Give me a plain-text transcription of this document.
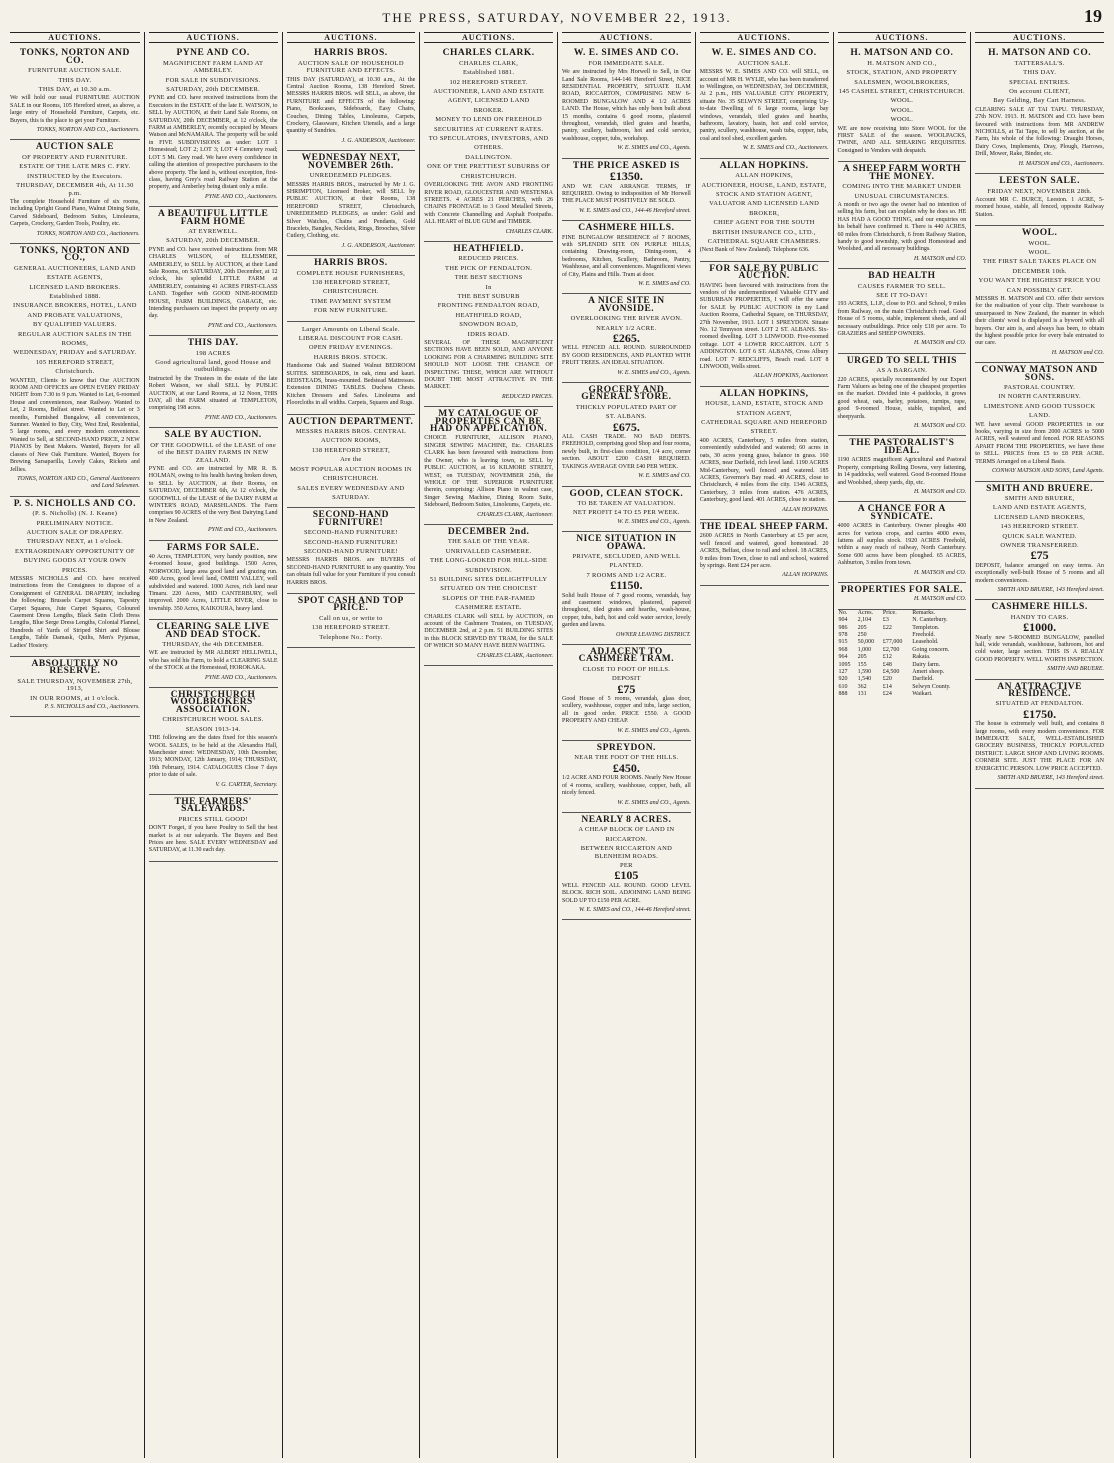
THE PRESS, SATURDAY, NOVEMBER 22, 1913.	19
AUCTIONS.
TONKS, NORTON AND CO.
FURNITURE AUCTION SALE.
THIS DAY.
THIS DAY, at 10.30 a.m.
We will hold our usual FURNITURE AUCTION SALE in our Rooms, 105 Hereford street, as above, a large entry of Household Furniture, Carpets, etc. Buyers, this is the place to get your Furniture.
TONKS, NORTON AND CO., Auctioneers.
AUCTION SALE
OF PROPERTY AND FURNITURE.
ESTATE OF THE LATE MRS C. FRY.
INSTRUCTED by the Executors.
THURSDAY, DECEMBER 4th, At 11.30 p.m.
The complete Household Furniture of six rooms, including Upright Grand Piano, Walnut Dining Suite, Carved Sideboard, Bedroom Suites, Linoleums, Carpets, Crockery, Garden Tools, Poultry, etc.
TONKS, NORTON AND CO., Auctioneers.
TONKS, NORTON AND CO.,
GENERAL AUCTIONEERS, LAND AND
ESTATE AGENTS,
LICENSED LAND BROKERS.
Established 1888.
INSURANCE BROKERS, HOTEL, LAND
AND PROBATE VALUATIONS,
BY QUALIFIED VALUERS.
REGULAR AUCTION SALES IN THE
ROOMS,
WEDNESDAY, FRIDAY and SATURDAY.
105 HEREFORD STREET,
Christchurch.
WANTED, Clients to know that Our AUCTION ROOM AND OFFICES are OPEN EVERY FRIDAY NIGHT from 7.30 to 9 p.m. Wanted to Let, 6-roomed House and conveniences, near Railway. Wanted to Let, 2 Rooms, Belfast street. Wanted to Let or 3 months, Furnished Bungalow, all conveniences, Sumner. Wanted to Buy, City, West End, Residential, 5 large rooms, and every modern convenience. Wanted to Sell, at SECOND-HAND PRICE, 2 NEW PIANOS by Best Makers. Wanted, Buyers for all classes of New Oak Furniture. Wanted, Buyers for Brewing Sarsaparilla, Lovely Cakes, Rickets and Jellies.
TONKS, NORTON AND CO., General Auctioneers and Land Salesmen.
P. S. NICHOLLS AND CO.
(P. S. Nicholls) (N. J. Keane)
PRELIMINARY NOTICE.
AUCTION SALE OF DRAPERY.
THURSDAY NEXT, at 1 o'clock.
EXTRAORDINARY OPPORTUNITY OF
BUYING GOODS AT YOUR OWN
PRICES.
MESSRS NICHOLLS and CO. have received instructions from the Consignees to dispose of a Consignment of GENERAL DRAPERY, including the following: Brussels Carpet Squares, Tapestry Carpet Squares, Jute Carpet Squares, Coloured Casement Dress Lengths, Black Satin Cloth Dress Lengths, Blue Serge Dress Lengths, Colonial Flannel, Hundreds of Yards of Striped Shirt and Blouse Lengths, Table Damask, Quilts, Men's Pyjamas, Ladies' Hosiery.
ABSOLUTELY NO RESERVE.
SALE THURSDAY, NOVEMBER 27th, 1913,
IN OUR ROOMS, at 1 o'clock.
P. S. NICHOLLS and CO., Auctioneers.
AUCTIONS.
PYNE AND CO.
MAGNIFICENT FARM LAND AT AMBERLEY.
FOR SALE IN SUBDIVISIONS.
SATURDAY, 20th DECEMBER.
PYNE and CO. have received instructions from the Executors in the ESTATE of the late E. WATSON, to SELL by AUCTION, at their Land Sale Rooms, on SATURDAY, 20th DECEMBER, at 12 o'clock, the FARM at AMBERLEY, recently occupied by Messrs Watson and McNAMARA. The property will be sold in FIVE SUBDIVISIONS as under: LOT 1 Homestead; LOT 2; LOT 3; LOT 4 Cemetery road; LOT 5 Mt. Grey road. We have every confidence in calling the attention of prospective purchasers to the above property. The land is, without exception, first-class, having Grey's road Railway Station at the property, and Amberley being distant only a mile.
PYNE AND CO., Auctioneers.
A BEAUTIFUL LITTLE FARM HOME
AT EYREWELL.
SATURDAY, 20th DECEMBER.
PYNE and CO. have received instructions from MR CHARLES WILSON, of ELLESMERE, AMBERLEY, to SELL by AUCTION, at their Land Sale Rooms, on SATURDAY, 20th December, at 12 o'clock, his splendid LITTLE FARM at AMBERLEY, containing 41 ACRES FIRST-CLASS LAND. Together with GOOD NINE-ROOMED HOUSE, FARM BUILDINGS, GARAGE, etc. Intending purchasers can inspect the property on any day.
PYNE and CO., Auctioneers.
THIS DAY.
198 ACRES
Good agricultural land, good House and outbuildings.
Instructed by the Trustees in the estate of the late Robert Watson, we shall SELL by PUBLIC AUCTION, at our Land Rooms, at 12 Noon, THIS DAY, all that FARM situated at TEMPLETON, comprising 198 acres.
PYNE AND CO., Auctioneers.
SALE BY AUCTION.
OF THE GOODWILL of the LEASE of one of the BEST DAIRY FARMS IN NEW ZEALAND.
PYNE and CO. are instructed by MR R. B. HOLMAN, owing to his health having broken down, to SELL by AUCTION, at their Rooms, on SATURDAY, DECEMBER 6th, At 12 o'clock, the GOODWILL of the LEASE of the DAIRY FARM at WINTER'S ROAD, MARSHLANDS. The Farm comprises 90 ACRES of the very Best Dairying Land in New Zealand.
PYNE and CO., Auctioneers.
FARMS FOR SALE.
40 Acres, TEMPLETON, very handy position, new 4-roomed house, good buildings. 1500 Acres, NORWOOD, large area good land and grazing run. 400 Acres, good level land, OMIHI VALLEY, well subdivided and watered. 1000 Acres, rich land near Timaru. 220 Acres, MID CANTERBURY, well improved. 2000 Acres, LITTLE RIVER, close to township. 350 Acres, KAIKOURA, heavy land.
CLEARING SALE LIVE AND DEAD STOCK.
THURSDAY, the 4th DECEMBER.
WE are instructed by MR ALBERT HELLIWELL, who has sold his Farm, to hold a CLEARING SALE of the STOCK at the Homestead, HOROKAKA.
PYNE AND CO., Auctioneers.
CHRISTCHURCH WOOLBROKERS' ASSOCIATION.
CHRISTCHURCH WOOL SALES.
SEASON 1913-14.
THE following are the dates fixed for this season's WOOL SALES, to be held at the Alexandra Hall, Manchester street: WEDNESDAY, 10th December, 1913; MONDAY, 12th January, 1914; THURSDAY, 19th February, 1914. CATALOGUES Close 7 days prior to date of sale.
V. G. CARTER, Secretary.
THE FARMERS' SALEYARDS.
PRICES STILL GOOD!
DON'T Forget, if you have Poultry to Sell the best market is at our saleyards. The Buyers and Best Prices are here. SALE EVERY WEDNESDAY and SATURDAY, at 11.30 each day.
AUCTIONS.
HARRIS BROS.
AUCTION SALE OF HOUSEHOLD FURNITURE AND EFFECTS.
THIS DAY (SATURDAY), at 10.30 a.m., At the Central Auction Rooms, 138 Hereford Street. MESSRS HARRIS BROS. will SELL, as above, the FURNITURE and EFFECTS of the following: Piano, Bookcases, Sideboards, Easy Chairs, Couches, Dining Tables, Linoleums, Carpets, Crockery, Glassware, Kitchen Utensils, and a large quantity of Sundries.
J. G. ANDERSON, Auctioneer.
WEDNESDAY NEXT, NOVEMBER 26th.
UNREDEEMED PLEDGES.
MESSRS HARRIS BROS., instructed by Mr J. G. SHRIMPTON, Licensed Broker, will SELL by PUBLIC AUCTION, at their Rooms, 138 HEREFORD STREET, Christchurch, UNREDEEMED PLEDGES, as under: Gold and Silver Watches, Chains and Pendants, Gold Bracelets, Bangles, Necklets, Rings, Brooches, Silver Cutlery, Clothing, etc.
J. G. ANDERSON, Auctioneer.
HARRIS BROS.
COMPLETE HOUSE FURNISHERS,
138 HEREFORD STREET,
CHRISTCHURCH.
TIME PAYMENT SYSTEM
FOR NEW FURNITURE.
Larger Amounts on Liberal Scale.
LIBERAL DISCOUNT FOR CASH.
OPEN FRIDAY EVENINGS.
HARRIS BROS. STOCK.
Handsome Oak and Stained Walnut BEDROOM SUITES. SIDEBOARDS, in oak, rimu and kauri. BEDSTEADS, brass-mounted. Bedstead Mattresses. Extension DINING TABLES. Duchess Chests. Kitchen Dressers and Safes. Linoleums and Floorcloths in all widths. Carpets, Squares and Rugs.
AUCTION DEPARTMENT.
MESSRS HARRIS BROS. CENTRAL
AUCTION ROOMS,
138 HEREFORD STREET,
Are the
MOST POPULAR AUCTION ROOMS IN
CHRISTCHURCH.
SALES EVERY WEDNESDAY AND
SATURDAY.
SECOND-HAND FURNITURE!
SECOND-HAND FURNITURE!
SECOND-HAND FURNITURE!
SECOND-HAND FURNITURE!
MESSRS HARRIS BROS. are BUYERS of SECOND-HAND FURNITURE to any quantity. You can obtain full value for your Furniture if you consult HARRIS BROS.
SPOT CASH AND TOP PRICE.
Call on us, or write to
138 HEREFORD STREET.
Telephone No.: Forty.
AUCTIONS.
CHARLES CLARK.
CHARLES CLARK,
Established 1881.
102 HEREFORD STREET.
AUCTIONEER, LAND AND ESTATE
AGENT, LICENSED LAND
BROKER.
MONEY TO LEND ON FREEHOLD
SECURITIES AT CURRENT RATES.
TO SPECULATORS, INVESTORS, AND
OTHERS.
DALLINGTON.
ONE OF THE PRETTIEST SUBURBS OF
CHRISTCHURCH.
OVERLOOKING THE AVON AND FRONTING RIVER ROAD, GLOUCESTER AND WESTENRA STREETS. 4 ACRES 21 PERCHES, with 26 CHAINS FRONTAGE to 3 Good Metalled Streets, with Concrete Channelling and Asphalt Footpaths. ALL HEART of BLUE GUM and TIMBER.
CHARLES CLARK.
HEATHFIELD.
REDUCED PRICES.
THE PICK OF FENDALTON.
THE BEST SECTIONS
In
THE BEST SUBURB
FRONTING FENDALTON ROAD,
HEATHFIELD ROAD,
SNOWDON ROAD,
IDRIS ROAD.
SEVERAL OF THESE MAGNIFICENT SECTIONS HAVE BEEN SOLD, AND ANYONE LOOKING FOR A CHARMING BUILDING SITE SHOULD NOT LOOSE THE CHANCE OF INSPECTING THESE, WHICH ARE WITHOUT DOUBT THE MOST ATTRACTIVE IN THE MARKET.
REDUCED PRICES.
MY CATALOGUE OF PROPERTIES CAN BE HAD ON APPLICATION.
CHOICE FURNITURE, ALLISON PIANO, SINGER SEWING MACHINE, Etc. CHARLES CLARK has been favoured with instructions from the Owner, who is leaving town, to SELL by PUBLIC AUCTION, at 16 KILMORE STREET, WEST, on TUESDAY, NOVEMBER 25th, the WHOLE OF THE SUPERIOR FURNITURE therein, comprising: Allison Piano in walnut case, Singer Sewing Machine, Dining Room Suite, Sideboard, Bedroom Suites, Linoleums, Carpets, etc.
CHARLES CLARK, Auctioneer.
DECEMBER 2nd.
THE SALE OF THE YEAR.
UNRIVALLED CASHMERE.
THE LONG-LOOKED FOR HILL-SIDE
SUBDIVISION.
51 BUILDING SITES DELIGHTFULLY
SITUATED ON THE CHOICEST
SLOPES OF THE FAR-FAMED
CASHMERE ESTATE.
CHARLES CLARK will SELL by AUCTION, on account of the Cashmere Trustees, on TUESDAY, DECEMBER 2nd, at 2 p.m. 51 BUILDING SITES in this BLOCK SERVED BY TRAM, for the SALE OF WHICH SO MANY HAVE BEEN WAITING.
CHARLES CLARK, Auctioneer.
AUCTIONS.
W. E. SIMES AND CO.
FOR IMMEDIATE SALE.
We are instructed by Mrs Horwell to Sell, in Our Land Sale Rooms, 144-146 Hereford Street, NICE RESIDENTIAL PROPERTY, SITUATE ILAM ROAD, RICCARTON, COMPRISING NEW 6-ROOMED BUNGALOW AND 4 1/2 ACRES LAND. The House, which has only been built about 15 months, contains 6 good rooms, plastered throughout, verandah, tiled grates and hearths, pantry, scullery, bathroom, hot and cold service, washhouse, copper, tubs, workshop.
W. E. SIMES and CO., Agents.
THE PRICE ASKED IS
£1350.
AND WE CAN ARRANGE TERMS, IF REQUIRED. Owing to indisposition of Mr Horwell THE PLACE MUST POSITIVELY BE SOLD.
W. E. SIMES and CO., 144-46 Hereford street.
CASHMERE HILLS.
FINE BUNGALOW RESIDENCE of 7 ROOMS, with SPLENDID SITE ON PURPLE HILLS, containing Drawing-room, Dining-room, 4 bedrooms, Kitchen, Scullery, Bathroom, Pantry, Washhouse, and all conveniences. Magnificent views of City, Plains and Hills. Tram at door.
W. E. SIMES and CO.
A NICE SITE IN AVONSIDE.
OVERLOOKING THE RIVER AVON.
NEARLY 1/2 ACRE.
£265.
WELL FENCED ALL ROUND. SURROUNDED BY GOOD RESIDENCES, AND PLANTED WITH FRUIT TREES. AN IDEAL SITUATION.
W. E. SIMES and CO., Agents.
GROCERY AND GENERAL STORE.
THICKLY POPULATED PART OF
ST. ALBANS.
£675.
ALL CASH TRADE. NO BAD DEBTS. FREEHOLD, comprising good Shop and four rooms, newly built, in first-class condition, 1/4 acre, corner section. ABOUT £200 CASH REQUIRED. TAKINGS AVERAGE OVER £40 PER WEEK.
W. E. SIMES and CO.
GOOD, CLEAN STOCK.
TO BE TAKEN AT VALUATION.
NET PROFIT £4 TO £5 PER WEEK.
W. E. SIMES and CO., Agents.
NICE SITUATION IN OPAWA.
PRIVATE, SECLUDED, AND WELL
PLANTED.
7 ROOMS AND 1/2 ACRE.
£1150.
Solid built House of 7 good rooms, verandah, bay and casement windows, plastered, papered throughout, tiled grates and hearths, wash-house, copper, tubs, bath, hot and cold water service, lovely garden and lawns.
OWNER LEAVING DISTRICT.
ADJACENT TO CASHMERE TRAM.
CLOSE TO FOOT OF HILLS.
DEPOSIT
£75
Good House of 5 rooms, verandah, glass door, scullery, washhouse, copper and tubs, large section, all in good order. PRICE £550. A GOOD PROPERTY AND CHEAP.
W. E. SIMES and CO., Agents.
SPREYDON.
NEAR THE FOOT OF THE HILLS.
£450.
1/2 ACRE AND FOUR ROOMS. Nearly New House of 4 rooms, scullery, washhouse, copper, bath, all nicely fenced.
W. E. SIMES and CO., Agents.
NEARLY 8 ACRES.
A CHEAP BLOCK OF LAND IN
RICCARTON.
BETWEEN RICCARTON AND BLENHEIM ROADS.
PER
£105
WELL FENCED ALL ROUND. GOOD LEVEL BLOCK. RICH SOIL. ADJOINING LAND BEING SOLD UP TO £150 PER ACRE.
W. E. SIMES and CO., 144-46 Hereford street.
AUCTIONS.
W. E. SIMES AND CO.
AUCTION SALE.
MESSRS W. E. SIMES AND CO. will SELL, on account of MR H. WYLIE, who has been transferred to Wellington, on WEDNESDAY, 3rd DECEMBER, At 2 p.m., HIS VALUABLE CITY PROPERTY, situate No. 35 SELWYN STREET, comprising Up-to-date Dwelling of 6 large rooms, large bay windows, verandah, tiled grates and hearths, bathroom, lavatory, basin, hot and cold service, pantry, scullery, washhouse, wash tubs, copper, tubs, coal and tool shed, excellent garden.
W. E. SIMES and CO., Auctioneers.
ALLAN HOPKINS.
ALLAN HOPKINS,
AUCTIONEER, HOUSE, LAND, ESTATE,
STOCK AND STATION AGENT,
VALUATOR AND LICENSED LAND
BROKER,
CHIEF AGENT FOR THE SOUTH
BRITISH INSURANCE CO., LTD.,
CATHEDRAL SQUARE CHAMBERS.
(Next Bank of New Zealand). Telephone 636.
FOR SALE BY PUBLIC AUCTION.
HAVING been favoured with instructions from the vendors of the undermentioned Valuable CITY and SUBURBAN PROPERTIES, I will offer the same for SALE by PUBLIC AUCTION in my Land Auction Rooms, Cathedral Square, on THURSDAY, 27th November, 1913. LOT 1 SPREYDON. Situate No. 12 Tennyson street. LOT 2 ST. ALBANS. Six-roomed dwelling. LOT 3 LINWOOD. Five-roomed cottage. LOT 4 LOWER RICCARTON. LOT 5 ADDINGTON. LOT 6 ST. ALBANS, Cross Albury road. LOT 7 REDCLIFFS, Beach road. LOT 8 LINWOOD, Wells street.
ALLAN HOPKINS, Auctioneer.
ALLAN HOPKINS,
HOUSE, LAND, ESTATE, STOCK AND
STATION AGENT,
CATHEDRAL SQUARE AND HEREFORD
STREET.
400 ACRES, Canterbury, 5 miles from station, conveniently subdivided and watered; 60 acres in oats, 30 acres young grass, balance in grass. 160 ACRES, near Darfield, rich level land. 1190 ACRES Mid-Canterbury, well fenced and watered. 185 ACRES, Governor's Bay road. 40 ACRES, close to Christchurch, 4 miles from the city. 1346 ACRES, Canterbury, 3 miles from station. 476 ACRES, Canterbury, good land. 401 ACRES, close to station.
ALLAN HOPKINS.
THE IDEAL SHEEP FARM.
2600 ACRES in North Canterbury at £5 per acre, well fenced and watered, good homestead. 20 ACRES, Belfast, close to rail and school. 18 ACRES, 9 miles from Town, close to rail and school, watered by springs. Rent £24 per acre.
ALLAN HOPKINS.
AUCTIONS.
H. MATSON AND CO.
H. MATSON AND CO.,
STOCK, STATION, AND PROPERTY
SALESMEN, WOOLBROKERS,
145 CASHEL STREET, CHRISTCHURCH.
WOOL.
WOOL.
WOOL.
WE are now receiving into Store WOOL for the FIRST SALE of the season. WOOLPACKS, TWINE, AND ALL SHEARING REQUISITES. Consigned to Vendors with despatch.
A SHEEP FARM WORTH THE MONEY.
COMING INTO THE MARKET UNDER
UNUSUAL CIRCUMSTANCES.
A month or two ago the owner had no intention of selling his farm, but can explain why he does so. HE HAS HAD A GOOD THING, and our enquiries on his behalf have confirmed it. There is 440 ACRES, 60 miles from Christchurch, 6 from Railway Station, handy to good township, with good Homestead and Woolshed, and all necessary buildings.
H. MATSON and CO.
BAD HEALTH
CAUSES FARMER TO SELL.
SEE IT TO-DAY!
193 ACRES, L.I.P., close to P.O. and School, 9 miles from Railway, on the main Christchurch road. Good House of 5 rooms, stable, implement sheds, and all necessary outbuildings. Price only £18 per acre. To GRAZIERS and SHEEP OWNERS.
H. MATSON and CO.
URGED TO SELL THIS
AS A BARGAIN.
220 ACRES, specially recommended by our Expert Farm Valuers as being one of the cheapest properties on the market. Divided into 4 paddocks, it grows good wheat, oats, barley, potatoes, turnips, rape, good 9-roomed House, stable, trapshed, and sheepyards.
H. MATSON and CO.
THE PASTORALIST'S IDEAL.
1190 ACRES magnificent Agricultural and Pastoral Property, comprising Rolling Downs, very fattening, in 14 paddocks, well watered. Good 8-roomed House and Woolshed, sheep yards, dip, etc.
H. MATSON and CO.
A CHANCE FOR A SYNDICATE.
4000 ACRES in Canterbury. Owner ploughs 400 acres for various crops, and carries 4000 ewes, fattens all surplus stock. 1920 ACRES Freehold, within a easy reach of railway, North Canterbury. Some 600 acres have been ploughed. 65 ACRES, Ashburton, 3 miles from town.
H. MATSON and CO.
PROPERTIES FOR SALE.
H. MATSON and CO.
No.	Acres.	Price.	Remarks.
904	2,104	£3	N. Canterbury.
986	205	£22	Templeton.
978	250		Freehold.
915	50,000	£77,000	Leasehold.
968	1,000	£2,700	Going concern.
964	205	£12	Rakaia.
1095	155	£48	Dairy farm.
127	1,590	£4,500	Ameri sheep.
920	1,540	£20	Darfield.
610	362	£14	Selwyn County.
888	131	£24	Waikari.
AUCTIONS.
H. MATSON AND CO.
TATTERSALL'S.
THIS DAY.
SPECIAL ENTRIES.
On account CLIENT,
Bay Gelding, Bay Cart Harness.
CLEARING SALE AT TAI TAPU. THURSDAY, 27th NOV. 1913. H. MATSON and CO. have been favoured with instructions from MR ANDREW NICHOLLS, at Tai Tapu, to sell by auction, at the Farm, his whole of the following: Draught Horses, Dairy Cows, Implements, Dray, Plough, Harrows, Drill, Mower, Rake, Binder, etc.
H. MATSON and CO., Auctioneers.
LEESTON SALE.
FRIDAY NEXT, NOVEMBER 28th.
Account MR C. BURCE, Leeston. 1 ACRE, 5-roomed house, stable, all fenced, opposite Railway Station.
WOOL.
WOOL.
WOOL.
THE FIRST SALE TAKES PLACE ON
DECEMBER 10th.
YOU WANT THE HIGHEST PRICE YOU
CAN POSSIBLY GET.
MESSRS H. MATSON and CO. offer their services for the realisation of your clip. Their warehouse is unsurpassed in New Zealand, the manner in which their clients' wool is displayed is a byword with all buyers. Our aim is, and always has been, to obtain the highest possible price for every bale entrusted to our care.
H. MATSON and CO.
CONWAY MATSON AND SONS.
PASTORAL COUNTRY.
IN NORTH CANTERBURY.
LIMESTONE AND GOOD TUSSOCK
LAND.
WE have several GOOD PROPERTIES in our books, varying in size from 2000 ACRES to 5000 ACRES, well watered and fenced. FOR REASONS APART FROM THE PROPERTIES, we have these to SELL. PRICES from £5 to £8 PER ACRE. TERMS Arranged on a Liberal Basis.
CONWAY MATSON AND SONS, Land Agents.
SMITH AND BRUERE.
SMITH AND BRUERE,
LAND AND ESTATE AGENTS,
LICENSED LAND BROKERS,
143 HEREFORD STREET.
QUICK SALE WANTED.
OWNER TRANSFERRED.
£75
DEPOSIT, balance arranged on easy terms. An exceptionally well-built House of 5 rooms and all modern conveniences.
SMITH AND BRUERE, 143 Hereford street.
CASHMERE HILLS.
HANDY TO CARS.
£1000.
Nearly new 5-ROOMED BUNGALOW, panelled hall, wide verandah, washhouse, bathroom, hot and cold water, large section. THIS IS A REALLY GOOD PROPERTY. WELL WORTH INSPECTION.
SMITH AND BRUERE.
AN ATTRACTIVE RESIDENCE.
SITUATED AT FENDALTON.
£1750.
The house is extremely well built, and contains 8 large rooms, with every modern convenience. FOR IMMEDIATE SALE, WELL-ESTABLISHED GROCERY BUSINESS, THICKLY POPULATED DISTRICT. LARGE SHOP AND LIVING ROOMS. CORNER SITE. JUST THE PLACE FOR AN ENERGETIC PERSON. LOW PRICE ACCEPTED.
SMITH AND BRUERE, 143 Hereford street.
